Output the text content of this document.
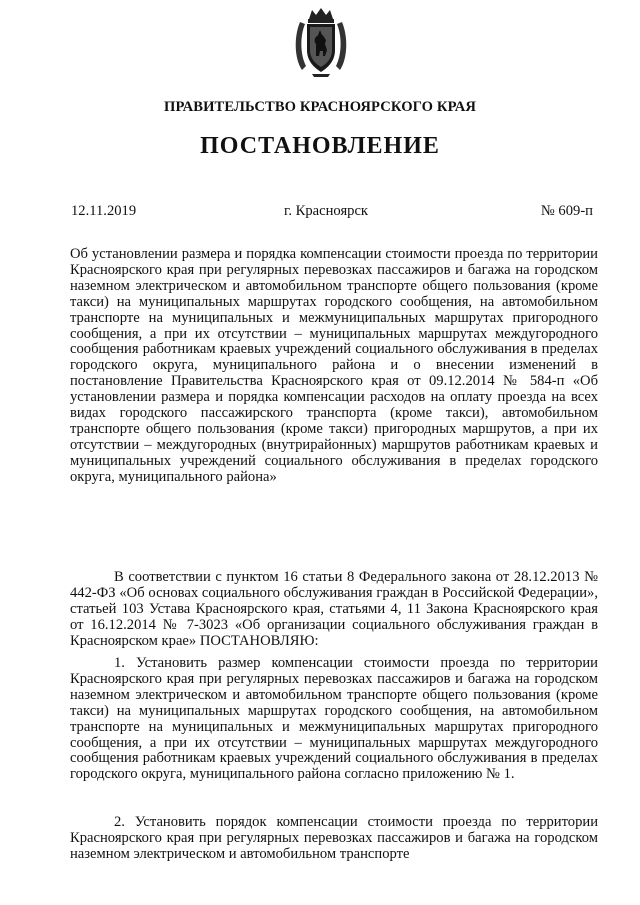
ПРАВИТЕЛЬСТВО КРАСНОЯРСКОГО КРАЯ
ПОСТАНОВЛЕНИЕ
12.11.2019	г. Красноярск	№ 609-п
Об установлении размера и порядка компенсации стоимости проезда по территории Красноярского края при регулярных перевозках пассажиров и багажа на городском наземном электрическом и автомобильном транспорте общего пользования (кроме такси) на муниципальных маршрутах городского сообщения, на автомобильном транспорте на муниципальных и межмуниципальных маршрутах пригородного сообщения, а при их отсутствии – муниципальных маршрутах междугородного сообщения работникам краевых учреждений социального обслуживания в пределах городского округа, муниципального района и о внесении изменений в постановление Правительства Красноярского края от 09.12.2014 № 584-п «Об установлении размера и порядка компенсации расходов на оплату проезда на всех видах городского пассажирского транспорта (кроме такси), автомобильном транспорте общего пользования (кроме такси) пригородных маршрутов, а при их отсутствии – междугородных (внутрирайонных) маршрутов работникам краевых и муниципальных учреждений социального обслуживания в пределах городского округа, муниципального района»
В соответствии с пунктом 16 статьи 8 Федерального закона от 28.12.2013 № 442-ФЗ «Об основах социального обслуживания граждан в Российской Федерации», статьей 103 Устава Красноярского края, статьями 4, 11 Закона Красноярского края от 16.12.2014 № 7-3023 «Об организации социального обслуживания граждан в Красноярском крае» ПОСТАНОВЛЯЮ:
1. Установить размер компенсации стоимости проезда по территории Красноярского края при регулярных перевозках пассажиров и багажа на городском наземном электрическом и автомобильном транспорте общего пользования (кроме такси) на муниципальных маршрутах городского сообщения, на автомобильном транспорте на муниципальных и межмуниципальных маршрутах пригородного сообщения, а при их отсутствии – муниципальных маршрутах междугородного сообщения работникам краевых учреждений социального обслуживания в пределах городского округа, муниципального района согласно приложению № 1.
2. Установить порядок компенсации стоимости проезда по территории Красноярского края при регулярных перевозках пассажиров и багажа на городском наземном электрическом и автомобильном транспорте
